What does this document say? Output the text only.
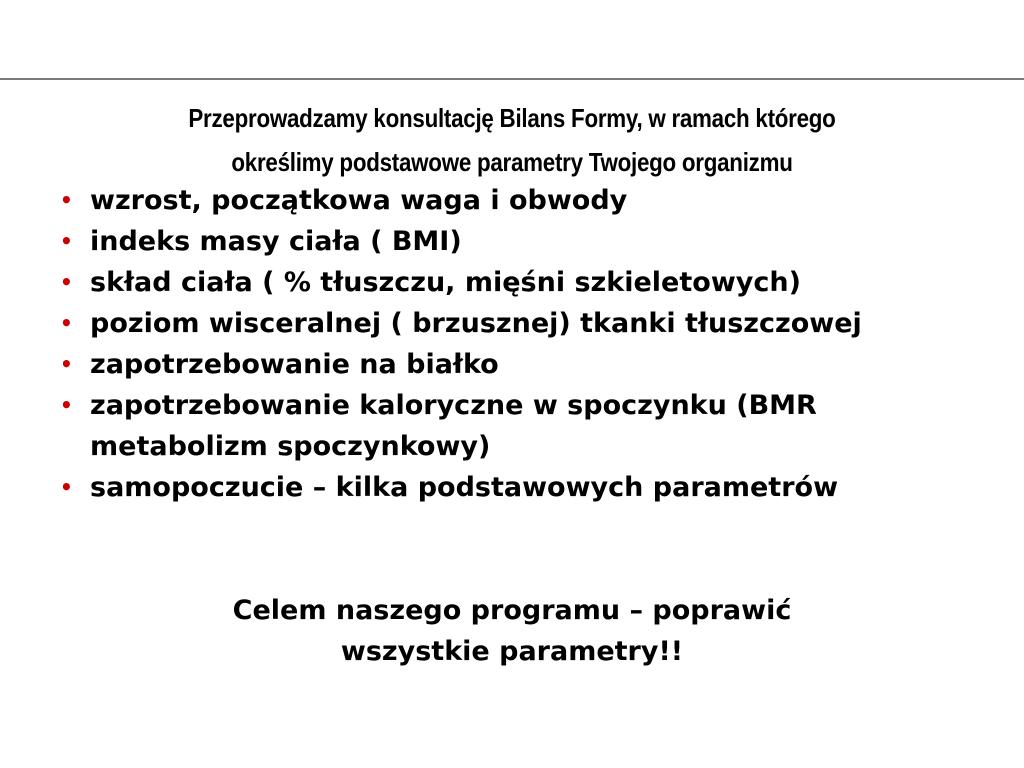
Przeprowadzamy konsultację Bilans Formy, w ramach którego
określimy podstawowe parametry Twojego organizmu
• wzrost, początkowa waga i obwody
• indeks masy ciała ( BMI)
• skład ciała ( % tłuszczu, mięśni szkieletowych)
• poziom wisceralnej ( brzusznej) tkanki tłuszczowej
• zapotrzebowanie na białko
• zapotrzebowanie kaloryczne w spoczynku (BMR metabolizm spoczynkowy)
• samopoczucie – kilka podstawowych parametrów

Celem naszego programu – poprawić
wszystkie parametry!!
